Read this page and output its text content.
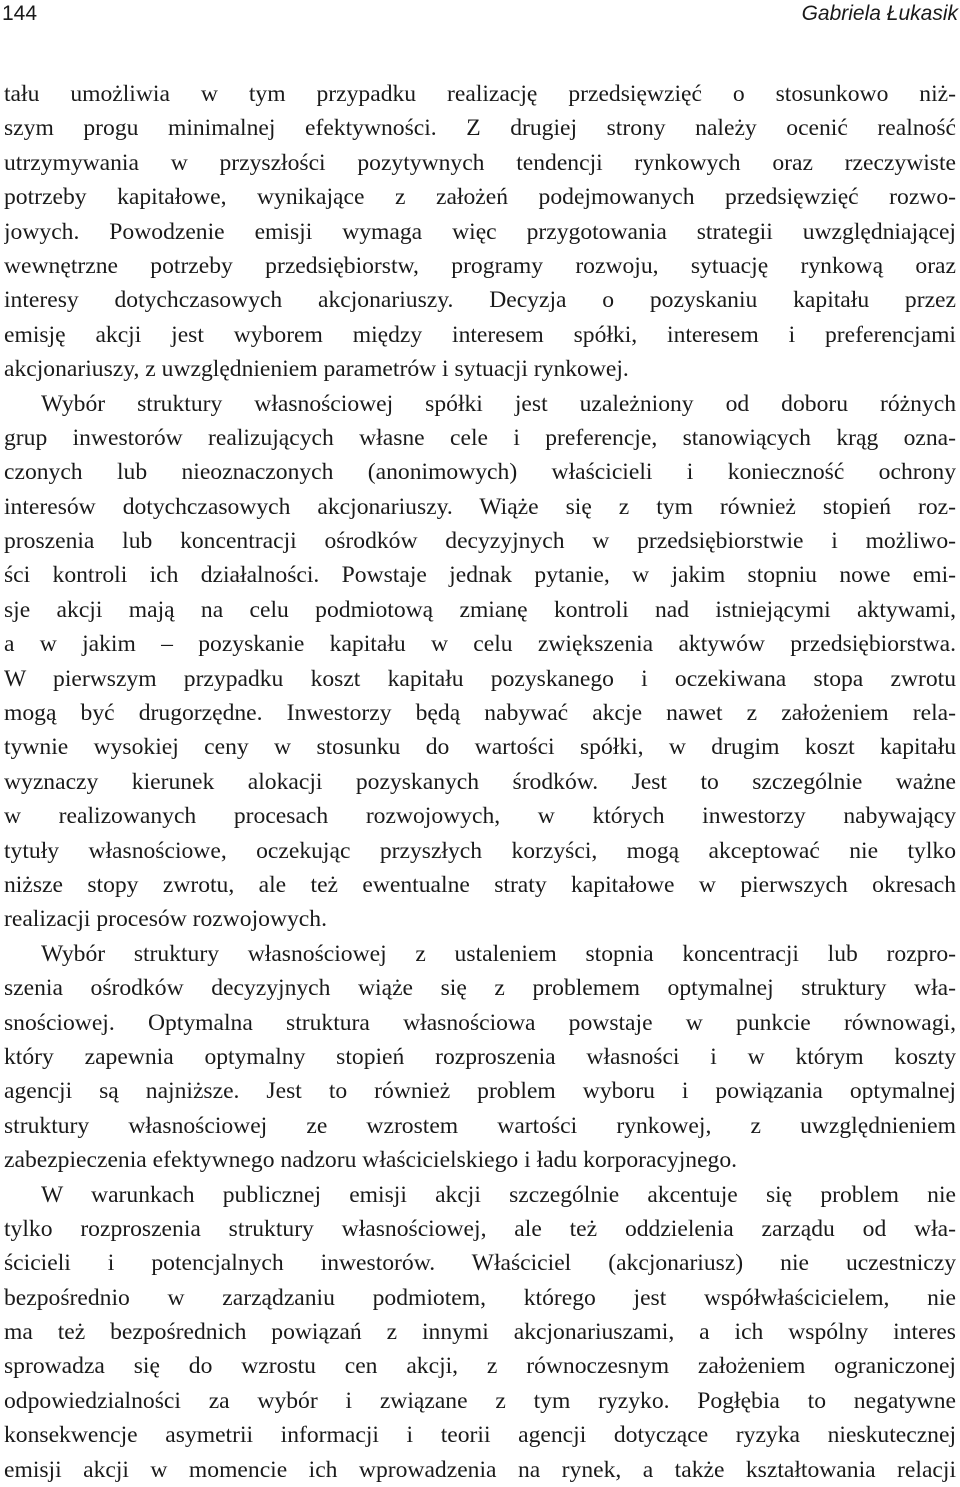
144	Gabriela Łukasik
tału umożliwia w tym przypadku realizację przedsięwzięć o stosunkowo niż-
szym progu minimalnej efektywności. Z drugiej strony należy ocenić realność
utrzymywania w przyszłości pozytywnych tendencji rynkowych oraz rzeczywiste
potrzeby kapitałowe, wynikające z założeń podejmowanych przedsięwzięć rozwo-
jowych. Powodzenie emisji wymaga więc przygotowania strategii uwzględniającej
wewnętrzne potrzeby przedsiębiorstw, programy rozwoju, sytuację rynkową oraz
interesy dotychczasowych akcjonariuszy. Decyzja o pozyskaniu kapitału przez
emisję akcji jest wyborem między interesem spółki, interesem i preferencjami
akcjonariuszy, z uwzględnieniem parametrów i sytuacji rynkowej.
Wybór struktury własnościowej spółki jest uzależniony od doboru różnych
grup inwestorów realizujących własne cele i preferencje, stanowiących krąg ozna-
czonych lub nieoznaczonych (anonimowych) właścicieli i konieczność ochrony
interesów dotychczasowych akcjonariuszy. Wiąże się z tym również stopień roz-
proszenia lub koncentracji ośrodków decyzyjnych w przedsiębiorstwie i możliwo-
ści kontroli ich działalności. Powstaje jednak pytanie, w jakim stopniu nowe emi-
sje akcji mają na celu podmiotową zmianę kontroli nad istniejącymi aktywami,
a w jakim – pozyskanie kapitału w celu zwiększenia aktywów przedsiębiorstwa.
W pierwszym przypadku koszt kapitału pozyskanego i oczekiwana stopa zwrotu
mogą być drugorzędne. Inwestorzy będą nabywać akcje nawet z założeniem rela-
tywnie wysokiej ceny w stosunku do wartości spółki, w drugim koszt kapitału
wyznaczy kierunek alokacji pozyskanych środków. Jest to szczególnie ważne
w realizowanych procesach rozwojowych, w których inwestorzy nabywający
tytuły własnościowe, oczekując przyszłych korzyści, mogą akceptować nie tylko
niższe stopy zwrotu, ale też ewentualne straty kapitałowe w pierwszych okresach
realizacji procesów rozwojowych.
Wybór struktury własnościowej z ustaleniem stopnia koncentracji lub rozpro-
szenia ośrodków decyzyjnych wiąże się z problemem optymalnej struktury wła-
snościowej. Optymalna struktura własnościowa powstaje w punkcie równowagi,
który zapewnia optymalny stopień rozproszenia własności i w którym koszty
agencji są najniższe. Jest to również problem wyboru i powiązania optymalnej
struktury własnościowej ze wzrostem wartości rynkowej, z uwzględnieniem
zabezpieczenia efektywnego nadzoru właścicielskiego i ładu korporacyjnego.
W warunkach publicznej emisji akcji szczególnie akcentuje się problem nie
tylko rozproszenia struktury własnościowej, ale też oddzielenia zarządu od wła-
ścicieli i potencjalnych inwestorów. Właściciel (akcjonariusz) nie uczestniczy
bezpośrednio w zarządzaniu podmiotem, którego jest współwłaścicielem, nie
ma też bezpośrednich powiązań z innymi akcjonariuszami, a ich wspólny interes
sprowadza się do wzrostu cen akcji, z równoczesnym założeniem ograniczonej
odpowiedzialności za wybór i związane z tym ryzyko. Pogłębia to negatywne
konsekwencje asymetrii informacji i teorii agencji dotyczące ryzyka nieskutecznej
emisji akcji w momencie ich wprowadzenia na rynek, a także kształtowania relacji
